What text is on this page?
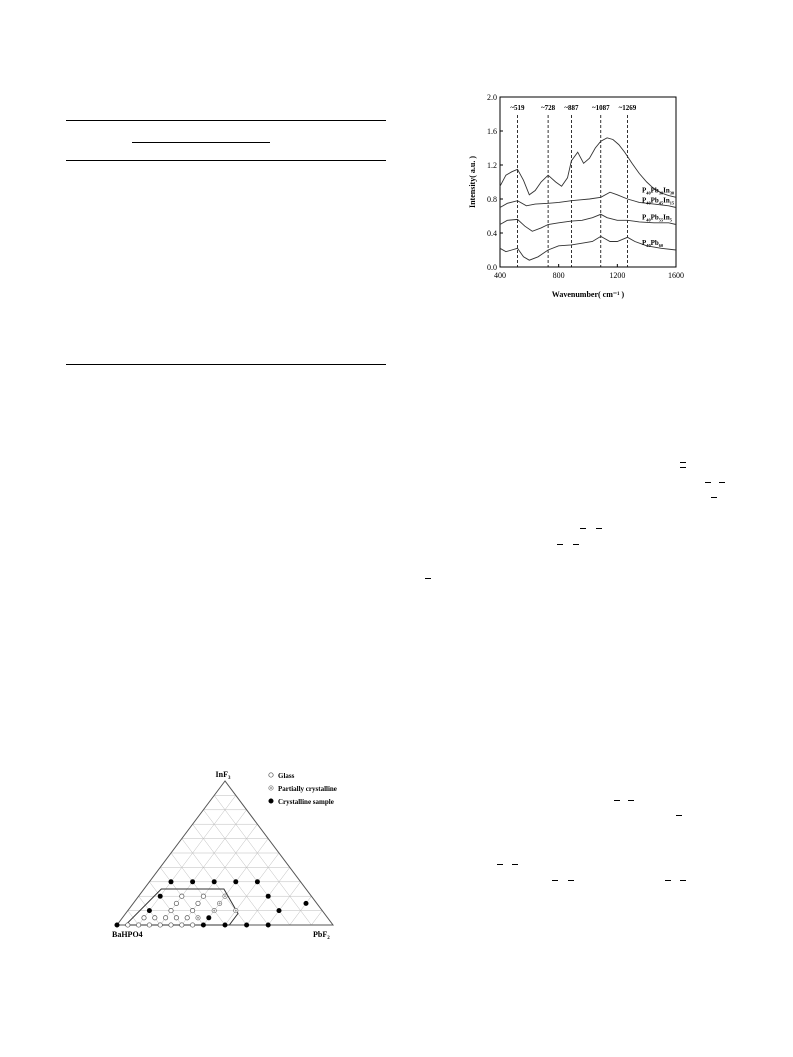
0.0
0.4
0.8
1.2
1.6
2.0
400	800	1200	1600
~519 ~728 ~887 ~1087 ~1269
Wavenumber( cm⁻¹ )
Intensity( a.u. )	$P_{40}Pb_{30}In_{30}$
$P_{40}Pb_{45}In_{15}$
$P_{40}Pb_{55}In_5$
$P_{40}Pb_{60}$
InF$_3$
BaHPO4	PbF$_2$
Glass
Partially crystalline
Crystalline sample
